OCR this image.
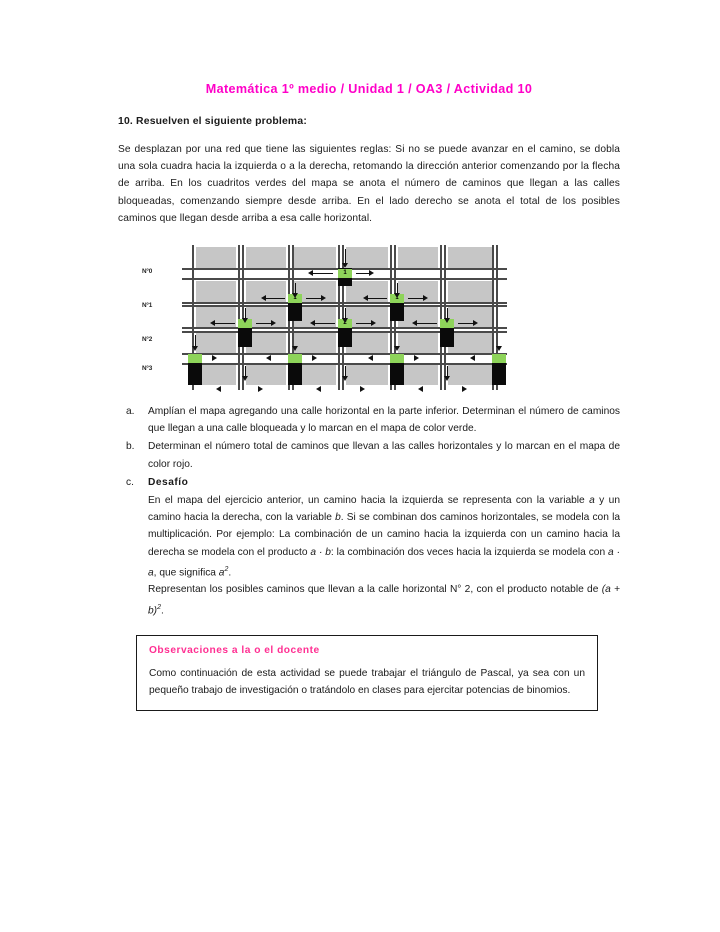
Matemática 1º medio / Unidad 1 / OA3 / Actividad 10
10. Resuelven el siguiente problema:

Se desplazan por una red que tiene las siguientes reglas: Si no se puede avanzar en el camino, se dobla una sola cuadra hacia la izquierda o a la derecha, retomando la dirección anterior comenzando por la flecha de arriba. En los cuadritos verdes del mapa se anota el número de caminos que llegan a las calles bloqueadas, comenzando siempre desde arriba. En el lado derecho se anota el total de los posibles caminos que llegan desde arriba a esa calle horizontal.

N°0
N°1
N°2
N°3
1
1	1
2
a. Amplían el mapa agregando una calle horizontal en la parte inferior. Determinan el número de caminos que llegan a una calle bloqueada y lo marcan en el mapa de color verde.
b. Determinan el número total de caminos que llevan a las calles horizontales y lo marcan en el mapa de color rojo.
c. Desafío

En el mapa del ejercicio anterior, un camino hacia la izquierda se representa con la variable a y un camino hacia la derecha, con la variable b. Si se combinan dos caminos horizontales, se modela con la multiplicación. Por ejemplo: La combinación de un camino hacia la izquierda con un camino hacia la derecha se modela con el producto a · b: la combinación dos veces hacia la izquierda se modela con a · a, que significa $a^2$.

Representan los posibles caminos que llevan a la calle horizontal N° 2, con el producto notable de $(a + b)^2$.

Observaciones a la o el docente

Como continuación de esta actividad se puede trabajar el triángulo de Pascal, ya sea con un pequeño trabajo de investigación o tratándolo en clases para ejercitar potencias de binomios.
